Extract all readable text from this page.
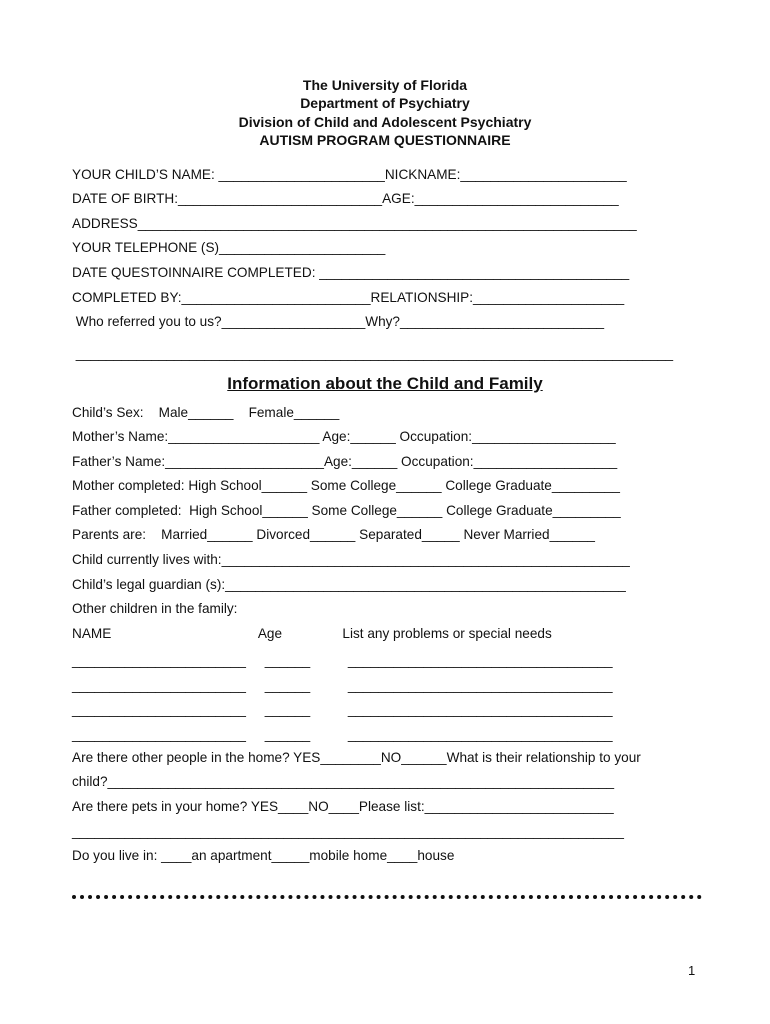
The University of Florida
Department of Psychiatry
Division of Child and Adolescent Psychiatry
AUTISM PROGRAM QUESTIONNAIRE
YOUR CHILD’S NAME: ______________________NICKNAME:______________________
DATE OF BIRTH:___________________________AGE:___________________________
ADDRESS__________________________________________________________________
YOUR TELEPHONE (S)______________________
DATE QUESTOINNAIRE COMPLETED: _________________________________________
COMPLETED BY:_________________________RELATIONSHIP:____________________
Who referred you to us?___________________Why?___________________________
_______________________________________________________________________________
Information about the Child and Family
Child’s Sex:    Male______    Female______
Mother’s Name:____________________ Age:______ Occupation:___________________
Father’s Name:_____________________Age:______ Occupation:___________________
Mother completed: High School______ Some College______ College Graduate_________
Father completed:  High School______ Some College______ College Graduate_________
Parents are:    Married______ Divorced______ Separated_____ Never Married______
Child currently lives with:______________________________________________________
Child’s legal guardian (s):_____________________________________________________
Other children in the family:
NAME                                       Age                List any problems or special needs
_______________________     ______          ___________________________________
_______________________     ______          ___________________________________
_______________________     ______          ___________________________________
_______________________     ______          ___________________________________
Are there other people in the home? YES________NO______What is their relationship to your
child?___________________________________________________________________
Are there pets in your home? YES____NO____Please list:_________________________
_________________________________________________________________________
Do you live in: ____an apartment_____mobile home____house
1
